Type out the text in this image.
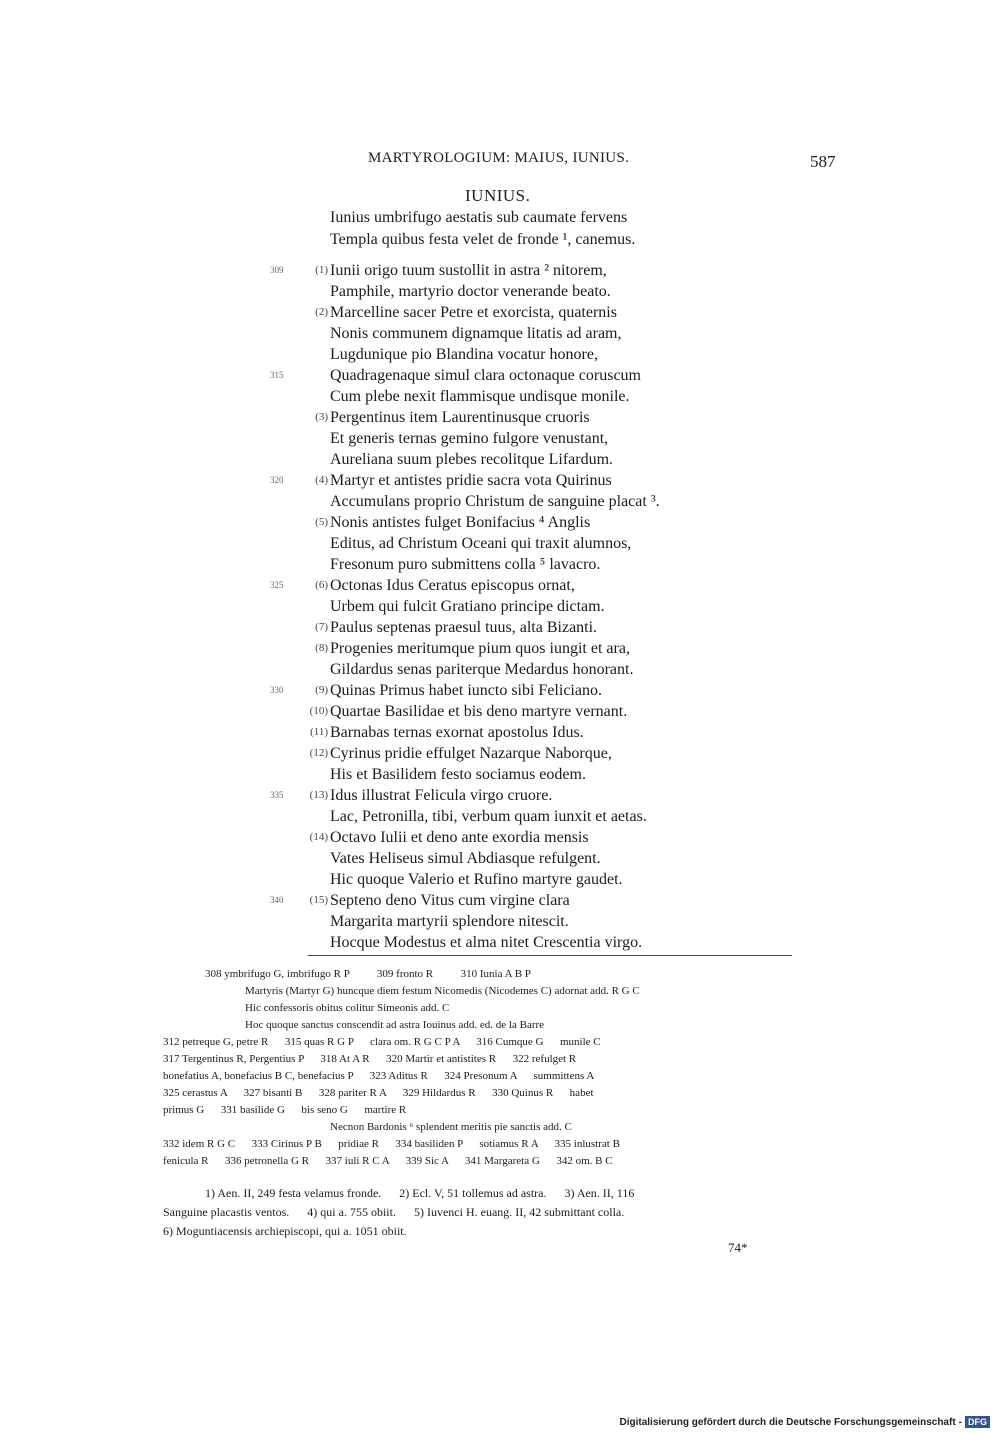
MARTYROLOGIUM: MAIUS, IUNIUS.	587
IUNIUS.
Iunius umbrifugo aestatis sub caumate fervens
Templa quibus festa velet de fronde ¹, canemus.
309	(1) Iunii origo tuum sustollit in astra ² nitorem,
Pamphile, martyrio doctor venerande beato.
(2) Marcelline sacer Petre et exorcista, quaternis
Nonis communem dignamque litatis ad aram,
Lugdunique pio Blandina vocatur honore,
315	Quadragenaque simul clara octonaque coruscum
Cum plebe nexit flammisque undisque monile.
(3) Pergentinus item Laurentinusque cruoris
Et generis ternas gemino fulgore venustant,
Aureliana suum plebes recolitque Lifardum.
320	(4) Martyr et antistes pridie sacra vota Quirinus
Accumulans proprio Christum de sanguine placat ³.
(5) Nonis antistes fulget Bonifacius ⁴ Anglis
Editus, ad Christum Oceani qui traxit alumnos,
Fresonum puro submittens colla ⁵ lavacro.
325	(6) Octonas Idus Ceratus episcopus ornat,
Urbem qui fulcit Gratiano principe dictam.
(7) Paulus septenas praesul tuus, alta Bizanti.
(8) Progenies meritumque pium quos iungit et ara,
Gildardus senas pariterque Medardus honorant.
330	(9) Quinas Primus habet iuncto sibi Feliciano.
(10) Quartae Basilidae et bis deno martyre vernant.
(11) Barnabas ternas exornat apostolus Idus.
(12) Cyrinus pridie effulget Nazarque Naborque,
His et Basilidem festo sociamus eodem.
335	(13) Idus illustrat Felicula virgo cruore.
Lac, Petronilla, tibi, verbum quam iunxit et aetas.
(14) Octavo Iulii et deno ante exordia mensis
Vates Heliseus simul Abdiasque refulgent.
Hic quoque Valerio et Rufino martyre gaudet.
340	(15) Septeno deno Vitus cum virgine clara
Margarita martyrii splendore nitescit.
Hocque Modestus et alma nitet Crescentia virgo.
308 ymbrifugo G, imbrifugo R P          309 fronto R          310 Iunia A B P
Martyris (Martyr G) huncque diem festum Nicomedis (Nicodemes C) adornat add. R G C
Hic confessoris obitus colitur Simeonis add. C
Hoc quoque sanctus conscendit ad astra Iouinus add. ed. de la Barre
312 petreque G, petre R      315 quas R G P      clara om. R G C P A      316 Cumque G      munile C
317 Tergentinus R, Pergentius P      318 At A R      320 Martir et antistites R      322 refulget R
bonefatius A, bonefacius B C, benefacius P      323 Aditus R      324 Presonum A      summittens A
325 cerastus A      327 bisanti B      328 pariter R A      329 Hildardus R      330 Quinus R      habet
primus G      331 basilide G      bis seno G      martire R
Necnon Bardonis ⁶ splendent meritis pie sanctis add. C
332 idem R G C      333 Cirinus P B      pridiae R      334 basiliden P      sotiamus R A      335 inlustrat B
fenicula R      336 petronella G R      337 iuli R C A      339 Sic A      341 Margareta G      342 om. B C
1) Aen. II, 249 festa velamus fronde.      2) Ecl. V, 51 tollemus ad astra.      3) Aen. II, 116
Sanguine placastis ventos.      4) qui a. 755 obiit.      5) Iuvenci H. euang. II, 42 submittant colla.
6) Moguntiacensis archiepiscopi, qui a. 1051 obiit.
74*
Digitalisierung gefördert durch die Deutsche Forschungsgemeinschaft - DFG
